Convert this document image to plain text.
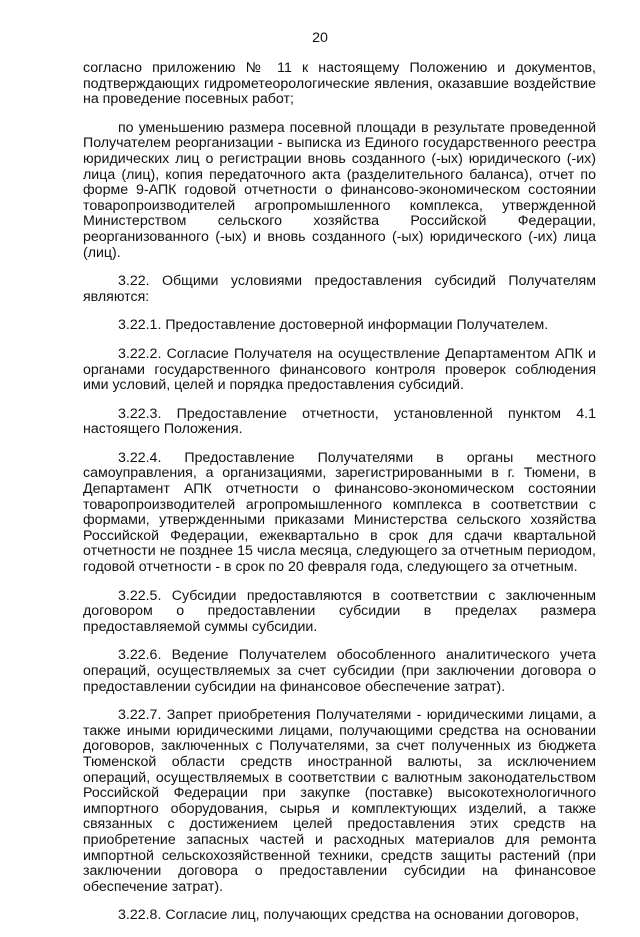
20

согласно приложению № 11 к настоящему Положению и документов, подтверждающих гидрометеорологические явления, оказавшие воздействие на проведение посевных работ;

по уменьшению размера посевной площади в результате проведенной Получателем реорганизации - выписка из Единого государственного реестра юридических лиц о регистрации вновь созданного (-ых) юридического (-их) лица (лиц), копия передаточного акта (разделительного баланса), отчет по форме 9-АПК годовой отчетности о финансово-экономическом состоянии товаропроизводителей агропромышленного комплекса, утвержденной Министерством сельского хозяйства Российской Федерации, реорганизованного (-ых) и вновь созданного (-ых) юридического (-их) лица (лиц).

3.22. Общими условиями предоставления субсидий Получателям являются:

3.22.1. Предоставление достоверной информации Получателем.

3.22.2. Согласие Получателя на осуществление Департаментом АПК и органами государственного финансового контроля проверок соблюдения ими условий, целей и порядка предоставления субсидий.

3.22.3. Предоставление отчетности, установленной пунктом 4.1 настоящего Положения.

3.22.4. Предоставление Получателями в органы местного самоуправления, а организациями, зарегистрированными в г. Тюмени, в Департамент АПК отчетности о финансово-экономическом состоянии товаропроизводителей агропромышленного комплекса в соответствии с формами, утвержденными приказами Министерства сельского хозяйства Российской Федерации, ежеквартально в срок для сдачи квартальной отчетности не позднее 15 числа месяца, следующего за отчетным периодом, годовой отчетности - в срок по 20 февраля года, следующего за отчетным.

3.22.5. Субсидии предоставляются в соответствии с заключенным договором о предоставлении субсидии в пределах размера предоставляемой суммы субсидии.

3.22.6. Ведение Получателем обособленного аналитического учета операций, осуществляемых за счет субсидии (при заключении договора о предоставлении субсидии на финансовое обеспечение затрат).

3.22.7. Запрет приобретения Получателями - юридическими лицами, а также иными юридическими лицами, получающими средства на основании договоров, заключенных с Получателями, за счет полученных из бюджета Тюменской области средств иностранной валюты, за исключением операций, осуществляемых в соответствии с валютным законодательством Российской Федерации при закупке (поставке) высокотехнологичного импортного оборудования, сырья и комплектующих изделий, а также связанных с достижением целей предоставления этих средств на приобретение запасных частей и расходных материалов для ремонта импортной сельскохозяйственной техники, средств защиты растений (при заключении договора о предоставлении субсидии на финансовое обеспечение затрат).

3.22.8. Согласие лиц, получающих средства на основании договоров,
